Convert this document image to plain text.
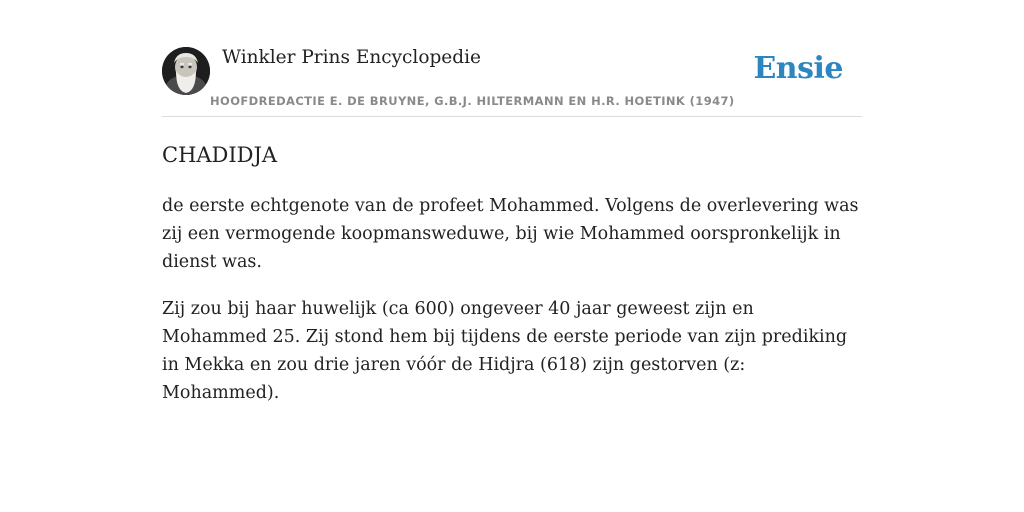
Winkler Prins Encyclopedie
HOOFDREDACTIE E. DE BRUYNE, G.B.J. HILTERMANN EN H.R. HOETINK (1947)
Ensie
CHADIDJA

de eerste echtgenote van de profeet Mohammed. Volgens de overlevering was zij een vermogende koopmansweduwe, bij wie Mohammed oorspronkelijk in dienst was.

Zij zou bij haar huwelijk (ca 600) ongeveer 40 jaar geweest zijn en Mohammed 25. Zij stond hem bij tijdens de eerste periode van zijn prediking in Mekka en zou drie jaren vóór de Hidjra (618) zijn gestorven (z: Mohammed).
